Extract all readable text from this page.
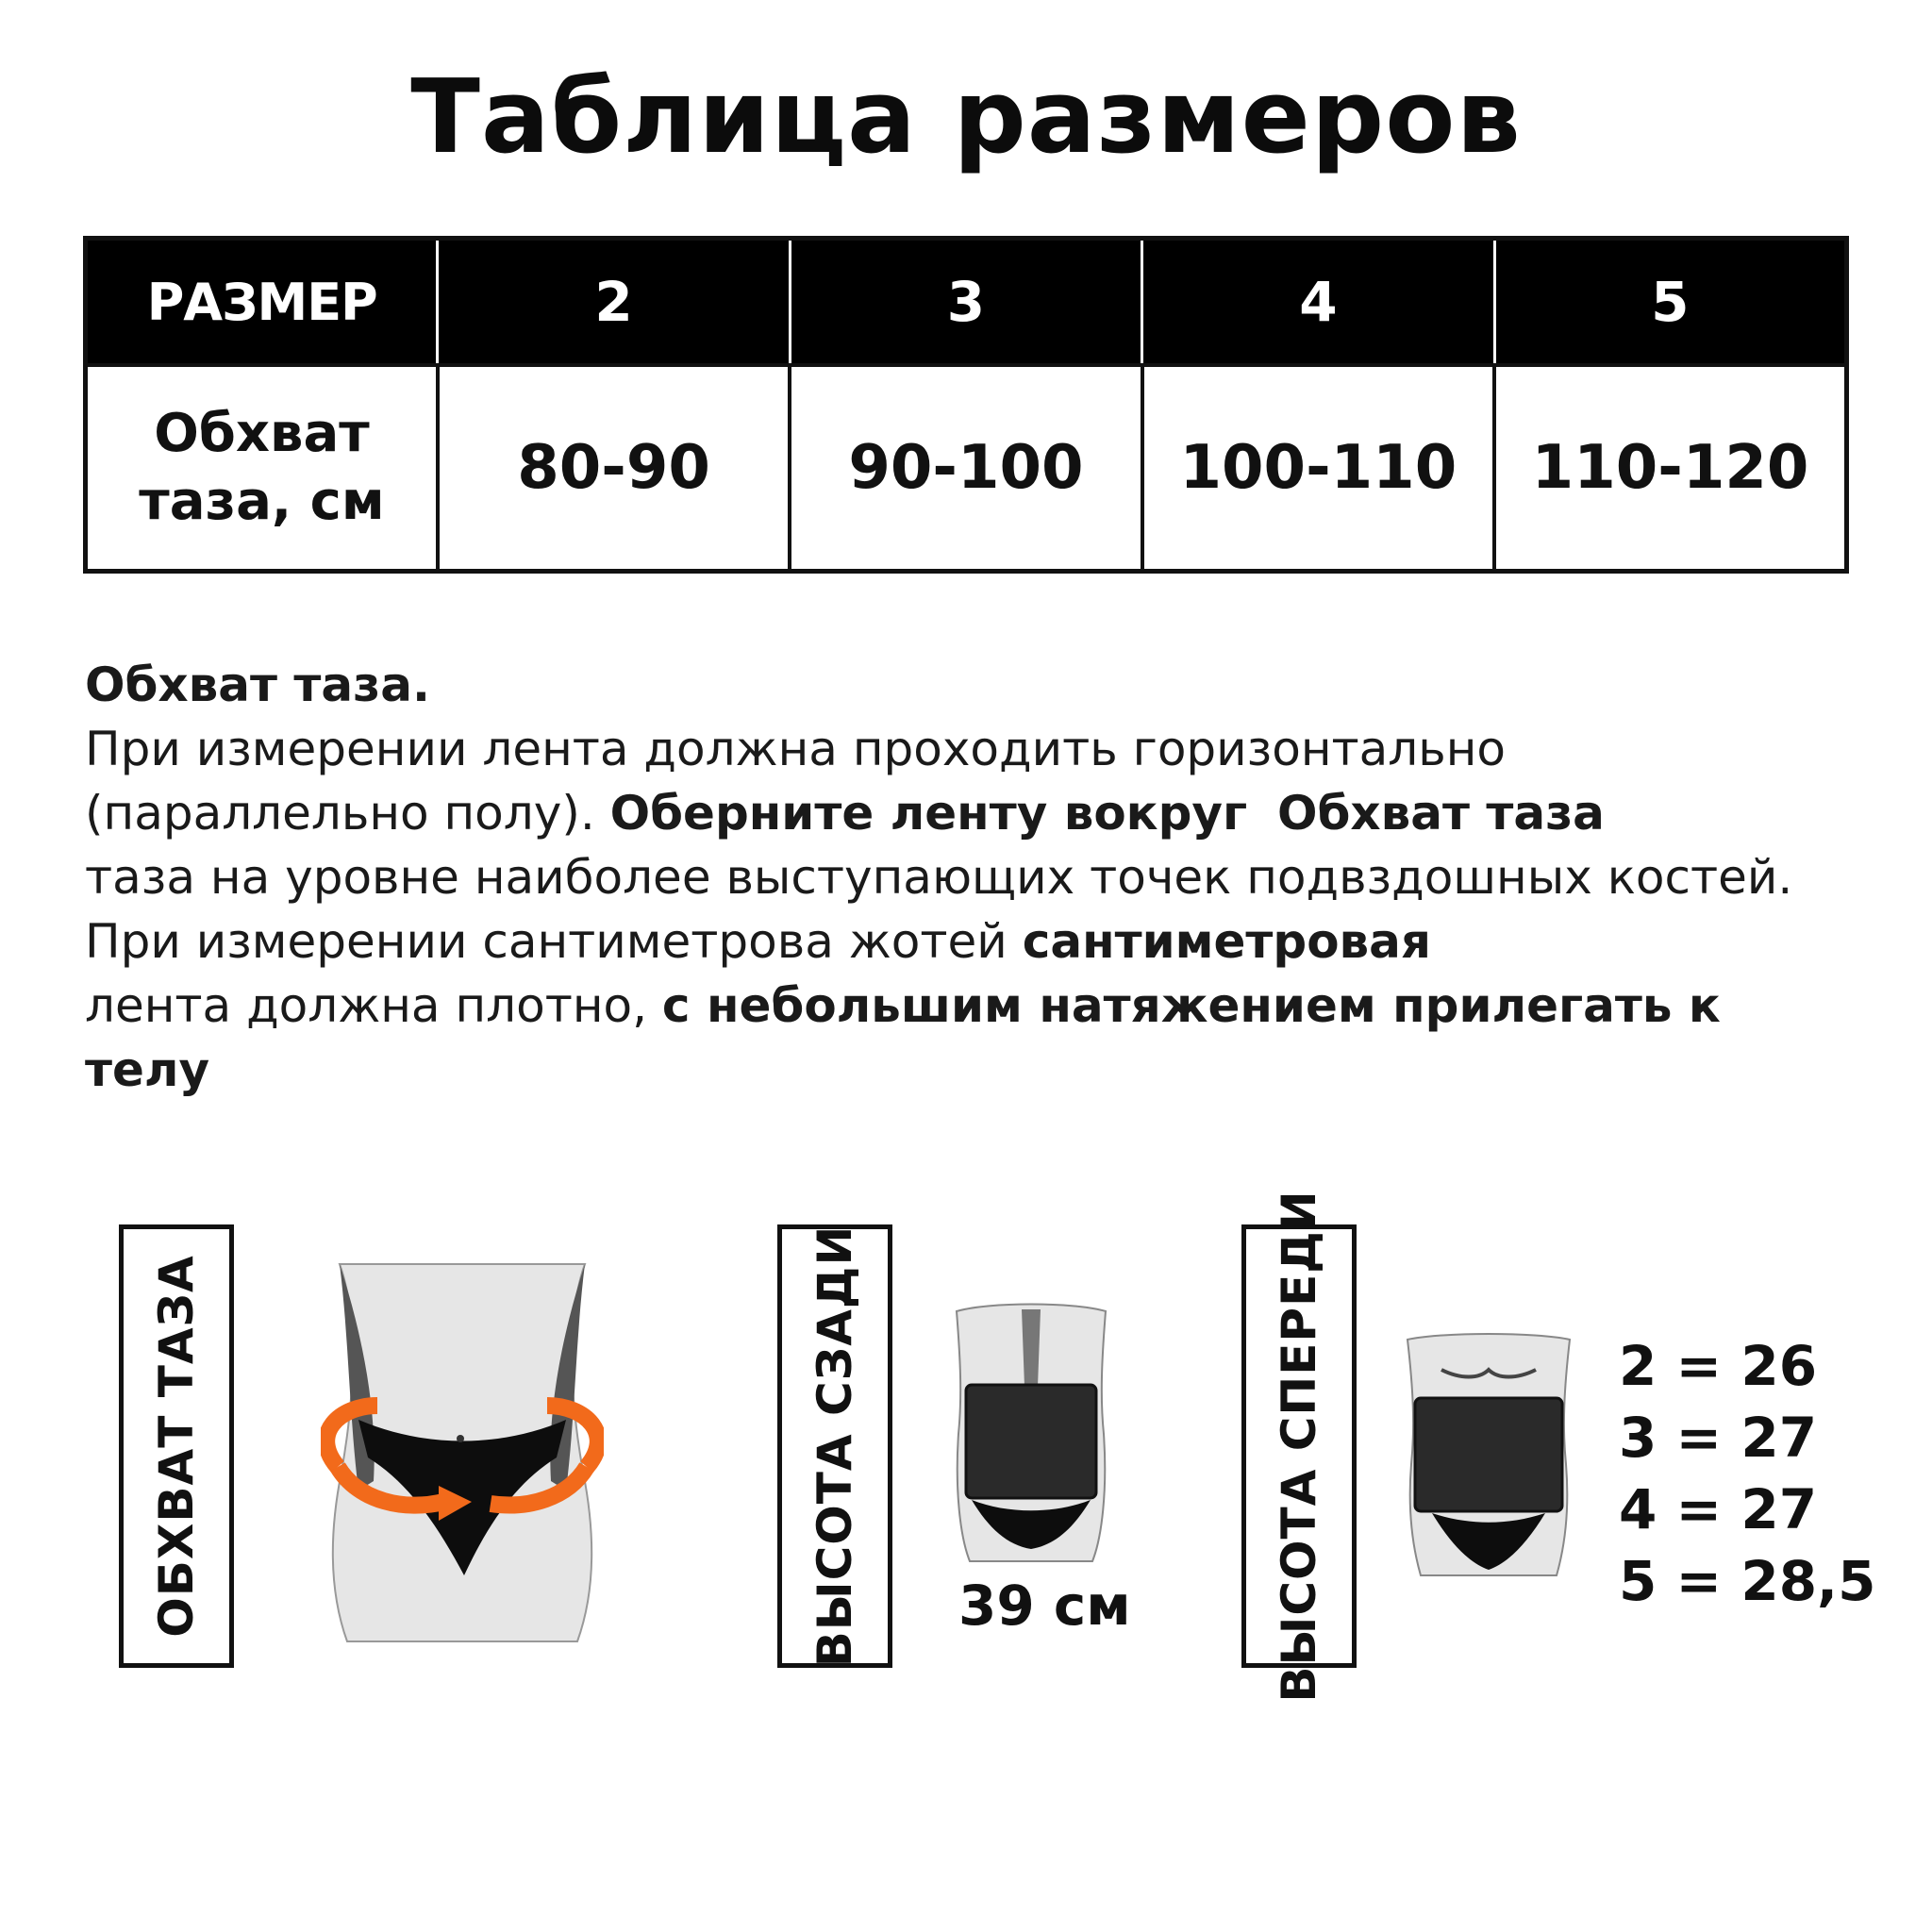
Таблица размеров
РАЗМЕР	2	3	4	5

Обхват
таза, см	80-90	90-100	100-110	110-120

Обхват таза.

При измерении лента должна проходить горизонтально (параллельно полу). Оберните ленту вокруг Обхват таза
таза на уровне наиболее выступающих точек подвздошных костей. При измерении сантиметрова жотей сантиметровая
лента должна плотно, с небольшим натяжением прилегать к телу

ОБХВАТ ТАЗА	ВЫСОТА СЗАДИ 39 см	ВЫСОТА СПЕРЕДИ	2 = 26
3 = 27
4 = 27
5 = 28,5
